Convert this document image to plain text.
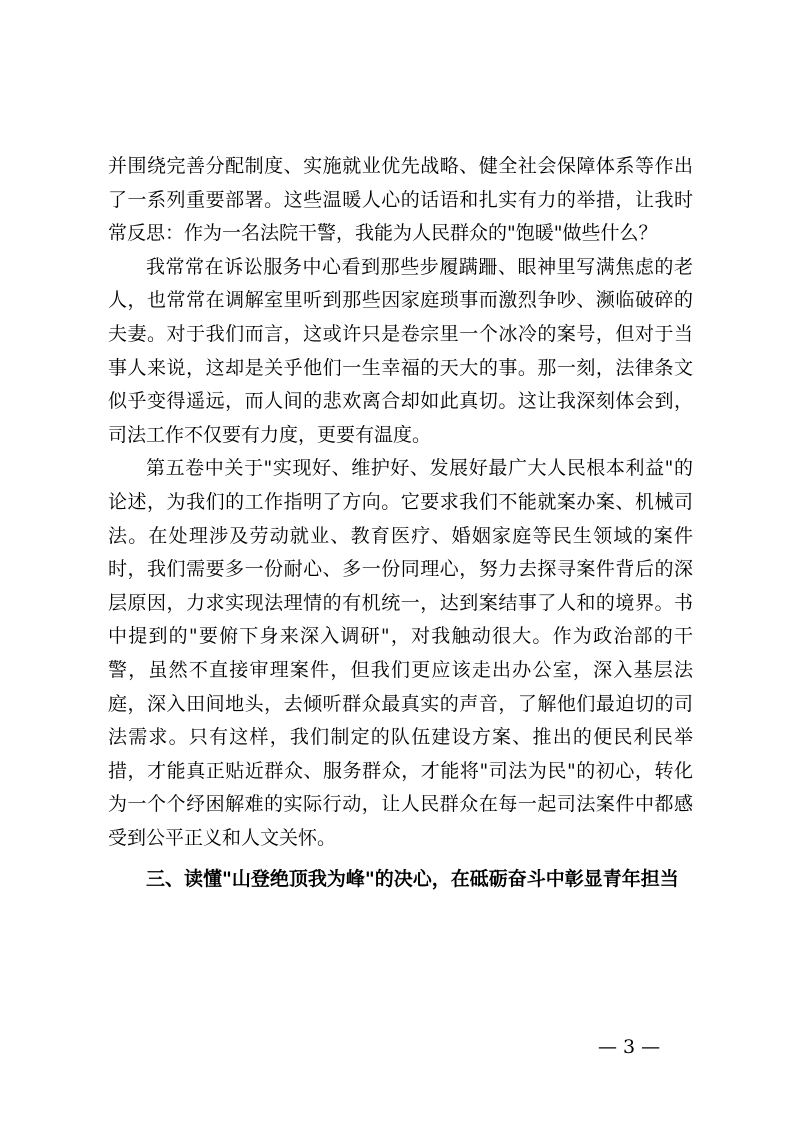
并围绕完善分配制度、实施就业优先战略、健全社会保障体系等作出了一系列重要部署。这些温暖人心的话语和扎实有力的举措，让我时常反思：作为一名法院干警，我能为人民群众的"饱暖"做些什么？

我常常在诉讼服务中心看到那些步履蹒跚、眼神里写满焦虑的老人，也常常在调解室里听到那些因家庭琐事而激烈争吵、濒临破碎的夫妻。对于我们而言，这或许只是卷宗里一个冰冷的案号，但对于当事人来说，这却是关乎他们一生幸福的天大的事。那一刻，法律条文似乎变得遥远，而人间的悲欢离合却如此真切。这让我深刻体会到，司法工作不仅要有力度，更要有温度。

第五卷中关于"实现好、维护好、发展好最广大人民根本利益"的论述，为我们的工作指明了方向。它要求我们不能就案办案、机械司法。在处理涉及劳动就业、教育医疗、婚姻家庭等民生领域的案件时，我们需要多一份耐心、多一份同理心，努力去探寻案件背后的深层原因，力求实现法理情的有机统一，达到案结事了人和的境界。书中提到的"要俯下身来深入调研"，对我触动很大。作为政治部的干警，虽然不直接审理案件，但我们更应该走出办公室，深入基层法庭，深入田间地头，去倾听群众最真实的声音，了解他们最迫切的司法需求。只有这样，我们制定的队伍建设方案、推出的便民利民举措，才能真正贴近群众、服务群众，才能将"司法为民"的初心，转化为一个个纾困解难的实际行动，让人民群众在每一起司法案件中都感受到公平正义和人文关怀。

三、读懂"山登绝顶我为峰"的决心，在砥砺奋斗中彰显青年担当
— 3 —
